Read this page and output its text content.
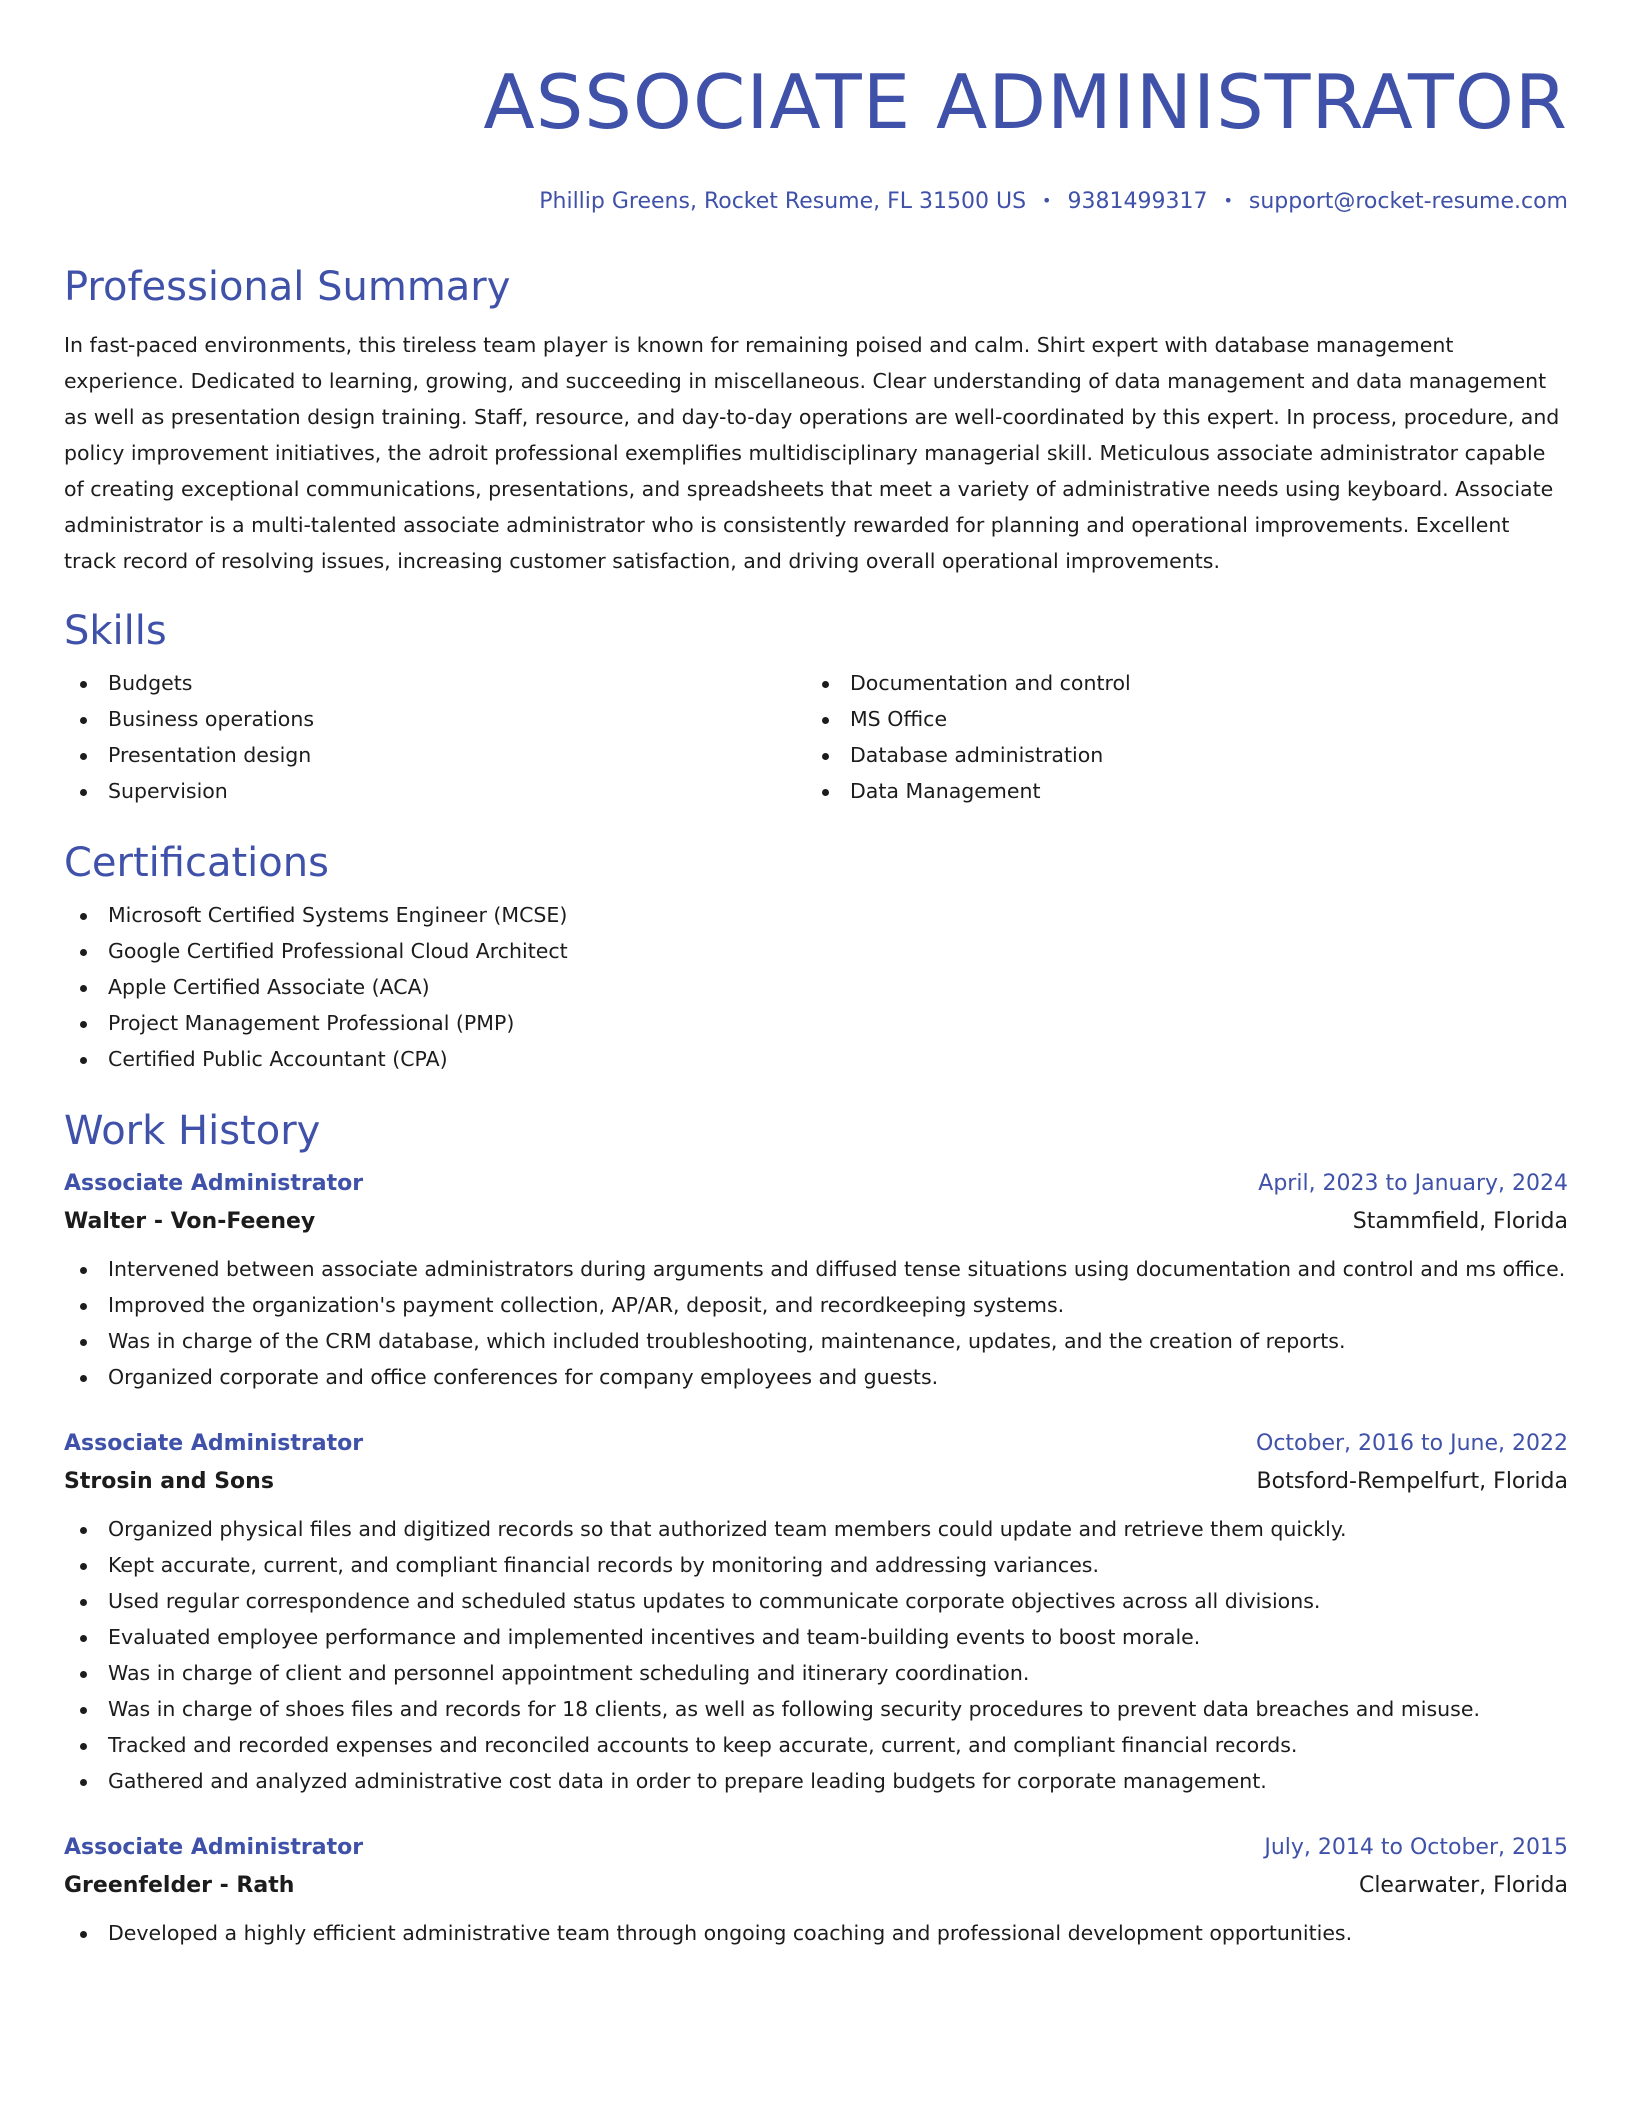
ASSOCIATE ADMINISTRATOR
Phillip Greens, Rocket Resume, FL 31500 US • 9381499317 • support@rocket-resume.com
Professional Summary

In fast-paced environments, this tireless team player is known for remaining poised and calm. Shirt expert with database management experience. Dedicated to learning, growing, and succeeding in miscellaneous. Clear understanding of data management and data management as well as presentation design training. Staff, resource, and day-to-day operations are well-coordinated by this expert. In process, procedure, and policy improvement initiatives, the adroit professional exemplifies multidisciplinary managerial skill. Meticulous associate administrator capable of creating exceptional communications, presentations, and spreadsheets that meet a variety of administrative needs using keyboard. Associate administrator is a multi-talented associate administrator who is consistently rewarded for planning and operational improvements. Excellent track record of resolving issues, increasing customer satisfaction, and driving overall operational improvements.

Skills
Budgets
Business operations
Presentation design
Supervision
Documentation and control
MS Office
Database administration
Data Management
Certifications
Microsoft Certified Systems Engineer (MCSE)
Google Certified Professional Cloud Architect
Apple Certified Associate (ACA)
Project Management Professional (PMP)
Certified Public Accountant (CPA)
Work History
Associate Administrator	April, 2023 to January, 2024
Walter - Von-Feeney	Stammfield, Florida
Intervened between associate administrators during arguments and diffused tense situations using documentation and control and ms office.
Improved the organization's payment collection, AP/AR, deposit, and recordkeeping systems.
Was in charge of the CRM database, which included troubleshooting, maintenance, updates, and the creation of reports.
Organized corporate and office conferences for company employees and guests.
Associate Administrator	October, 2016 to June, 2022
Strosin and Sons	Botsford-Rempelfurt, Florida
Organized physical files and digitized records so that authorized team members could update and retrieve them quickly.
Kept accurate, current, and compliant financial records by monitoring and addressing variances.
Used regular correspondence and scheduled status updates to communicate corporate objectives across all divisions.
Evaluated employee performance and implemented incentives and team-building events to boost morale.
Was in charge of client and personnel appointment scheduling and itinerary coordination.
Was in charge of shoes files and records for 18 clients, as well as following security procedures to prevent data breaches and misuse.
Tracked and recorded expenses and reconciled accounts to keep accurate, current, and compliant financial records.
Gathered and analyzed administrative cost data in order to prepare leading budgets for corporate management.
Associate Administrator	July, 2014 to October, 2015
Greenfelder - Rath	Clearwater, Florida
Developed a highly efficient administrative team through ongoing coaching and professional development opportunities.
